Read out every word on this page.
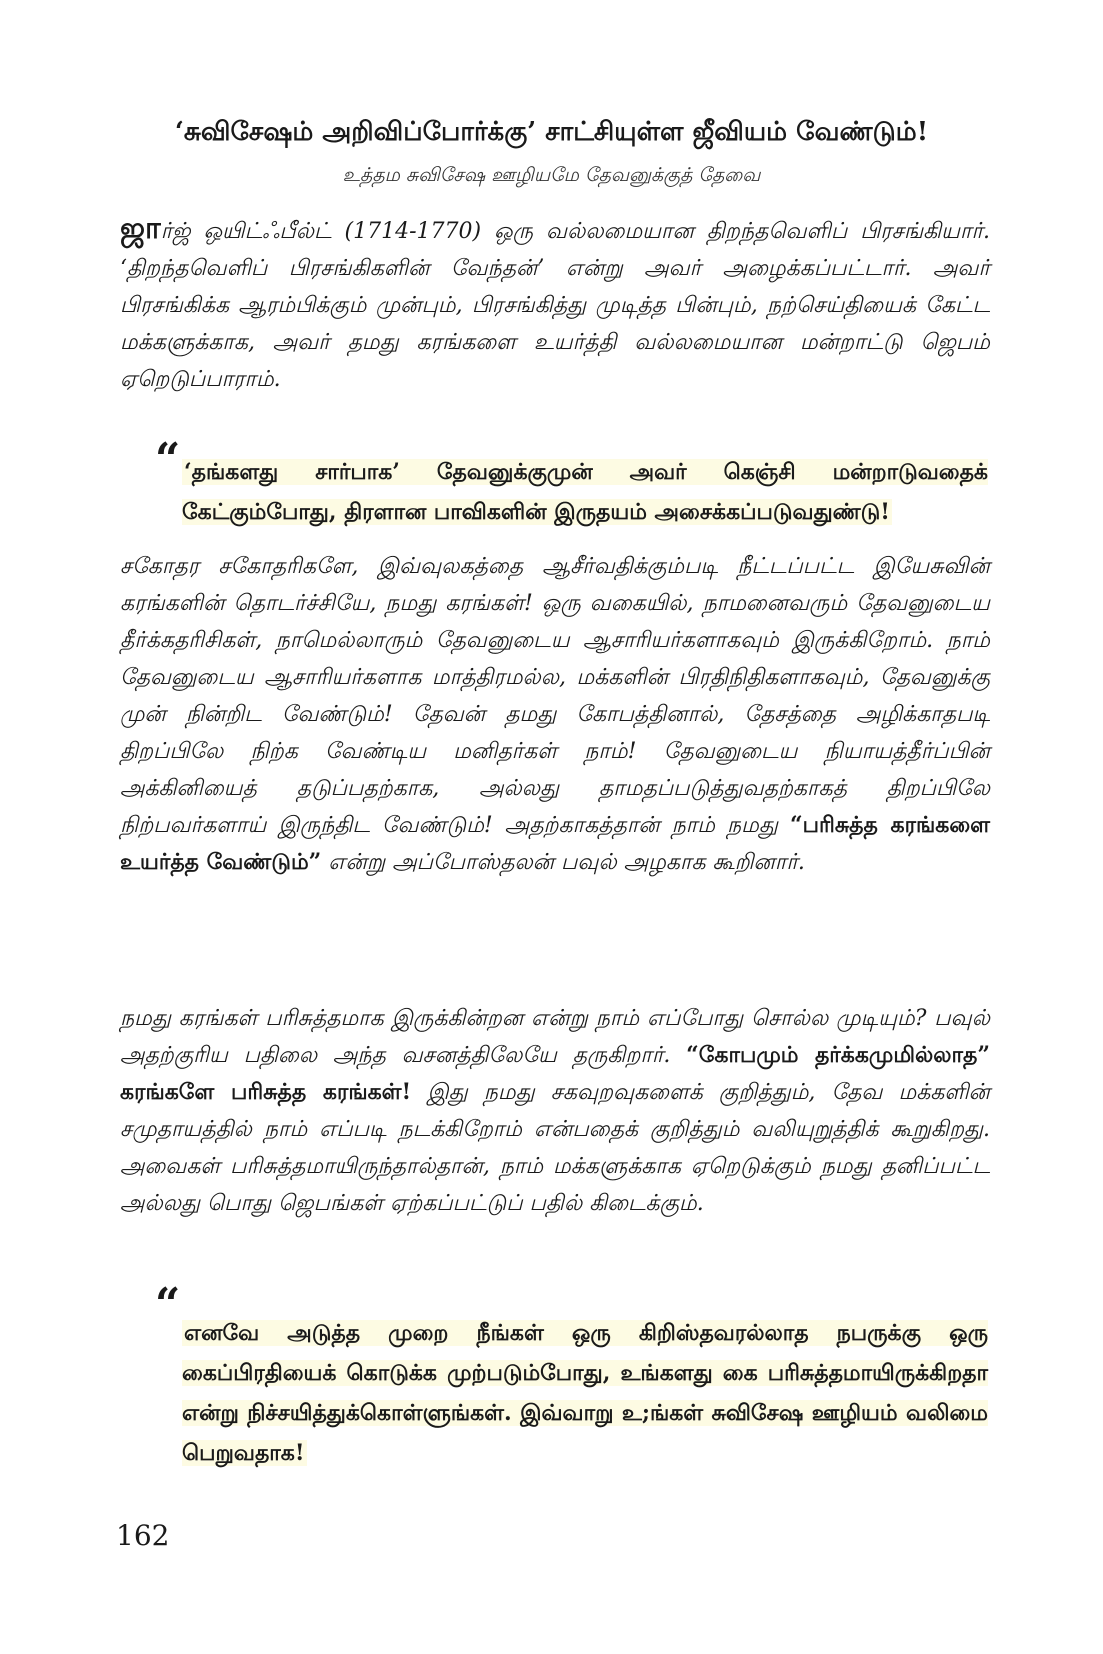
‘சுவிசேஷம் அறிவிப்போர்க்கு’ சாட்சியுள்ள ஜீவியம் வேண்டும்!
உத்தம சுவிசேஷ ஊழியமே தேவனுக்குத் தேவை

ஜார்ஜ் ஒயிட்ஃபீல்ட் (1714-1770) ஒரு வல்லமையான திறந்தவெளிப் பிரசங்கியார். ‘திறந்தவெளிப் பிரசங்கிகளின் வேந்தன்’ என்று அவர் அழைக்கப்பட்டார். அவர் பிரசங்கிக்க ஆரம்பிக்கும் முன்பும், பிரசங்கித்து முடித்த பின்பும், நற்செய்தியைக் கேட்ட மக்களுக்காக, அவர் தமது கரங்களை உயர்த்தி வல்லமையான மன்றாட்டு ஜெபம் ஏறெடுப்பாராம்.

“ ‘தங்களது சார்பாக’ தேவனுக்குமுன் அவர் கெஞ்சி மன்றாடுவதைக் கேட்கும்போது, திரளான பாவிகளின் இருதயம் அசைக்கப்படுவதுண்டு!

சகோதர சகோதரிகளே, இவ்வுலகத்தை ஆசீர்வதிக்கும்படி நீட்டப்பட்ட இயேசுவின் கரங்களின் தொடர்ச்சியே, நமது கரங்கள்! ஒரு வகையில், நாமனைவரும் தேவனுடைய தீர்க்கதரிசிகள், நாமெல்லாரும் தேவனுடைய ஆசாரியர்களாகவும் இருக்கிறோம். நாம் தேவனுடைய ஆசாரியர்களாக மாத்திரமல்ல, மக்களின் பிரதிநிதிகளாகவும், தேவனுக்கு முன் நின்றிட வேண்டும்! தேவன் தமது கோபத்தினால், தேசத்தை அழிக்காதபடி திறப்பிலே நிற்க வேண்டிய மனிதர்கள் நாம்! தேவனுடைய நியாயத்தீர்ப்பின் அக்கினியைத் தடுப்பதற்காக, அல்லது தாமதப்படுத்துவதற்காகத் திறப்பிலே நிற்பவர்களாய் இருந்திட வேண்டும்! அதற்காகத்தான் நாம் நமது “பரிசுத்த கரங்களை உயர்த்த வேண்டும்” என்று அப்போஸ்தலன் பவுல் அழகாக கூறினார்.

நமது கரங்கள் பரிசுத்தமாக இருக்கின்றன என்று நாம் எப்போது சொல்ல முடியும்? பவுல் அதற்குரிய பதிலை அந்த வசனத்திலேயே தருகிறார். “கோபமும் தர்க்கமுமில்லாத” கரங்களே பரிசுத்த கரங்கள்! இது நமது சகவுறவுகளைக் குறித்தும், தேவ மக்களின் சமுதாயத்தில் நாம் எப்படி நடக்கிறோம் என்பதைக் குறித்தும் வலியுறுத்திக் கூறுகிறது. அவைகள் பரிசுத்தமாயிருந்தால்தான், நாம் மக்களுக்காக ஏறெடுக்கும் நமது தனிப்பட்ட அல்லது பொது ஜெபங்கள் ஏற்கப்பட்டுப் பதில் கிடைக்கும்.

“

எனவே அடுத்த முறை நீங்கள் ஒரு கிறிஸ்தவரல்லாத நபருக்கு ஒரு கைப்பிரதியைக் கொடுக்க முற்படும்போது, உங்களது கை பரிசுத்தமாயிருக்கிறதா என்று நிச்சயித்துக்கொள்ளுங்கள். இவ்வாறு உ;ங்கள் சுவிசேஷ ஊழியம் வலிமை பெறுவதாக!

162
